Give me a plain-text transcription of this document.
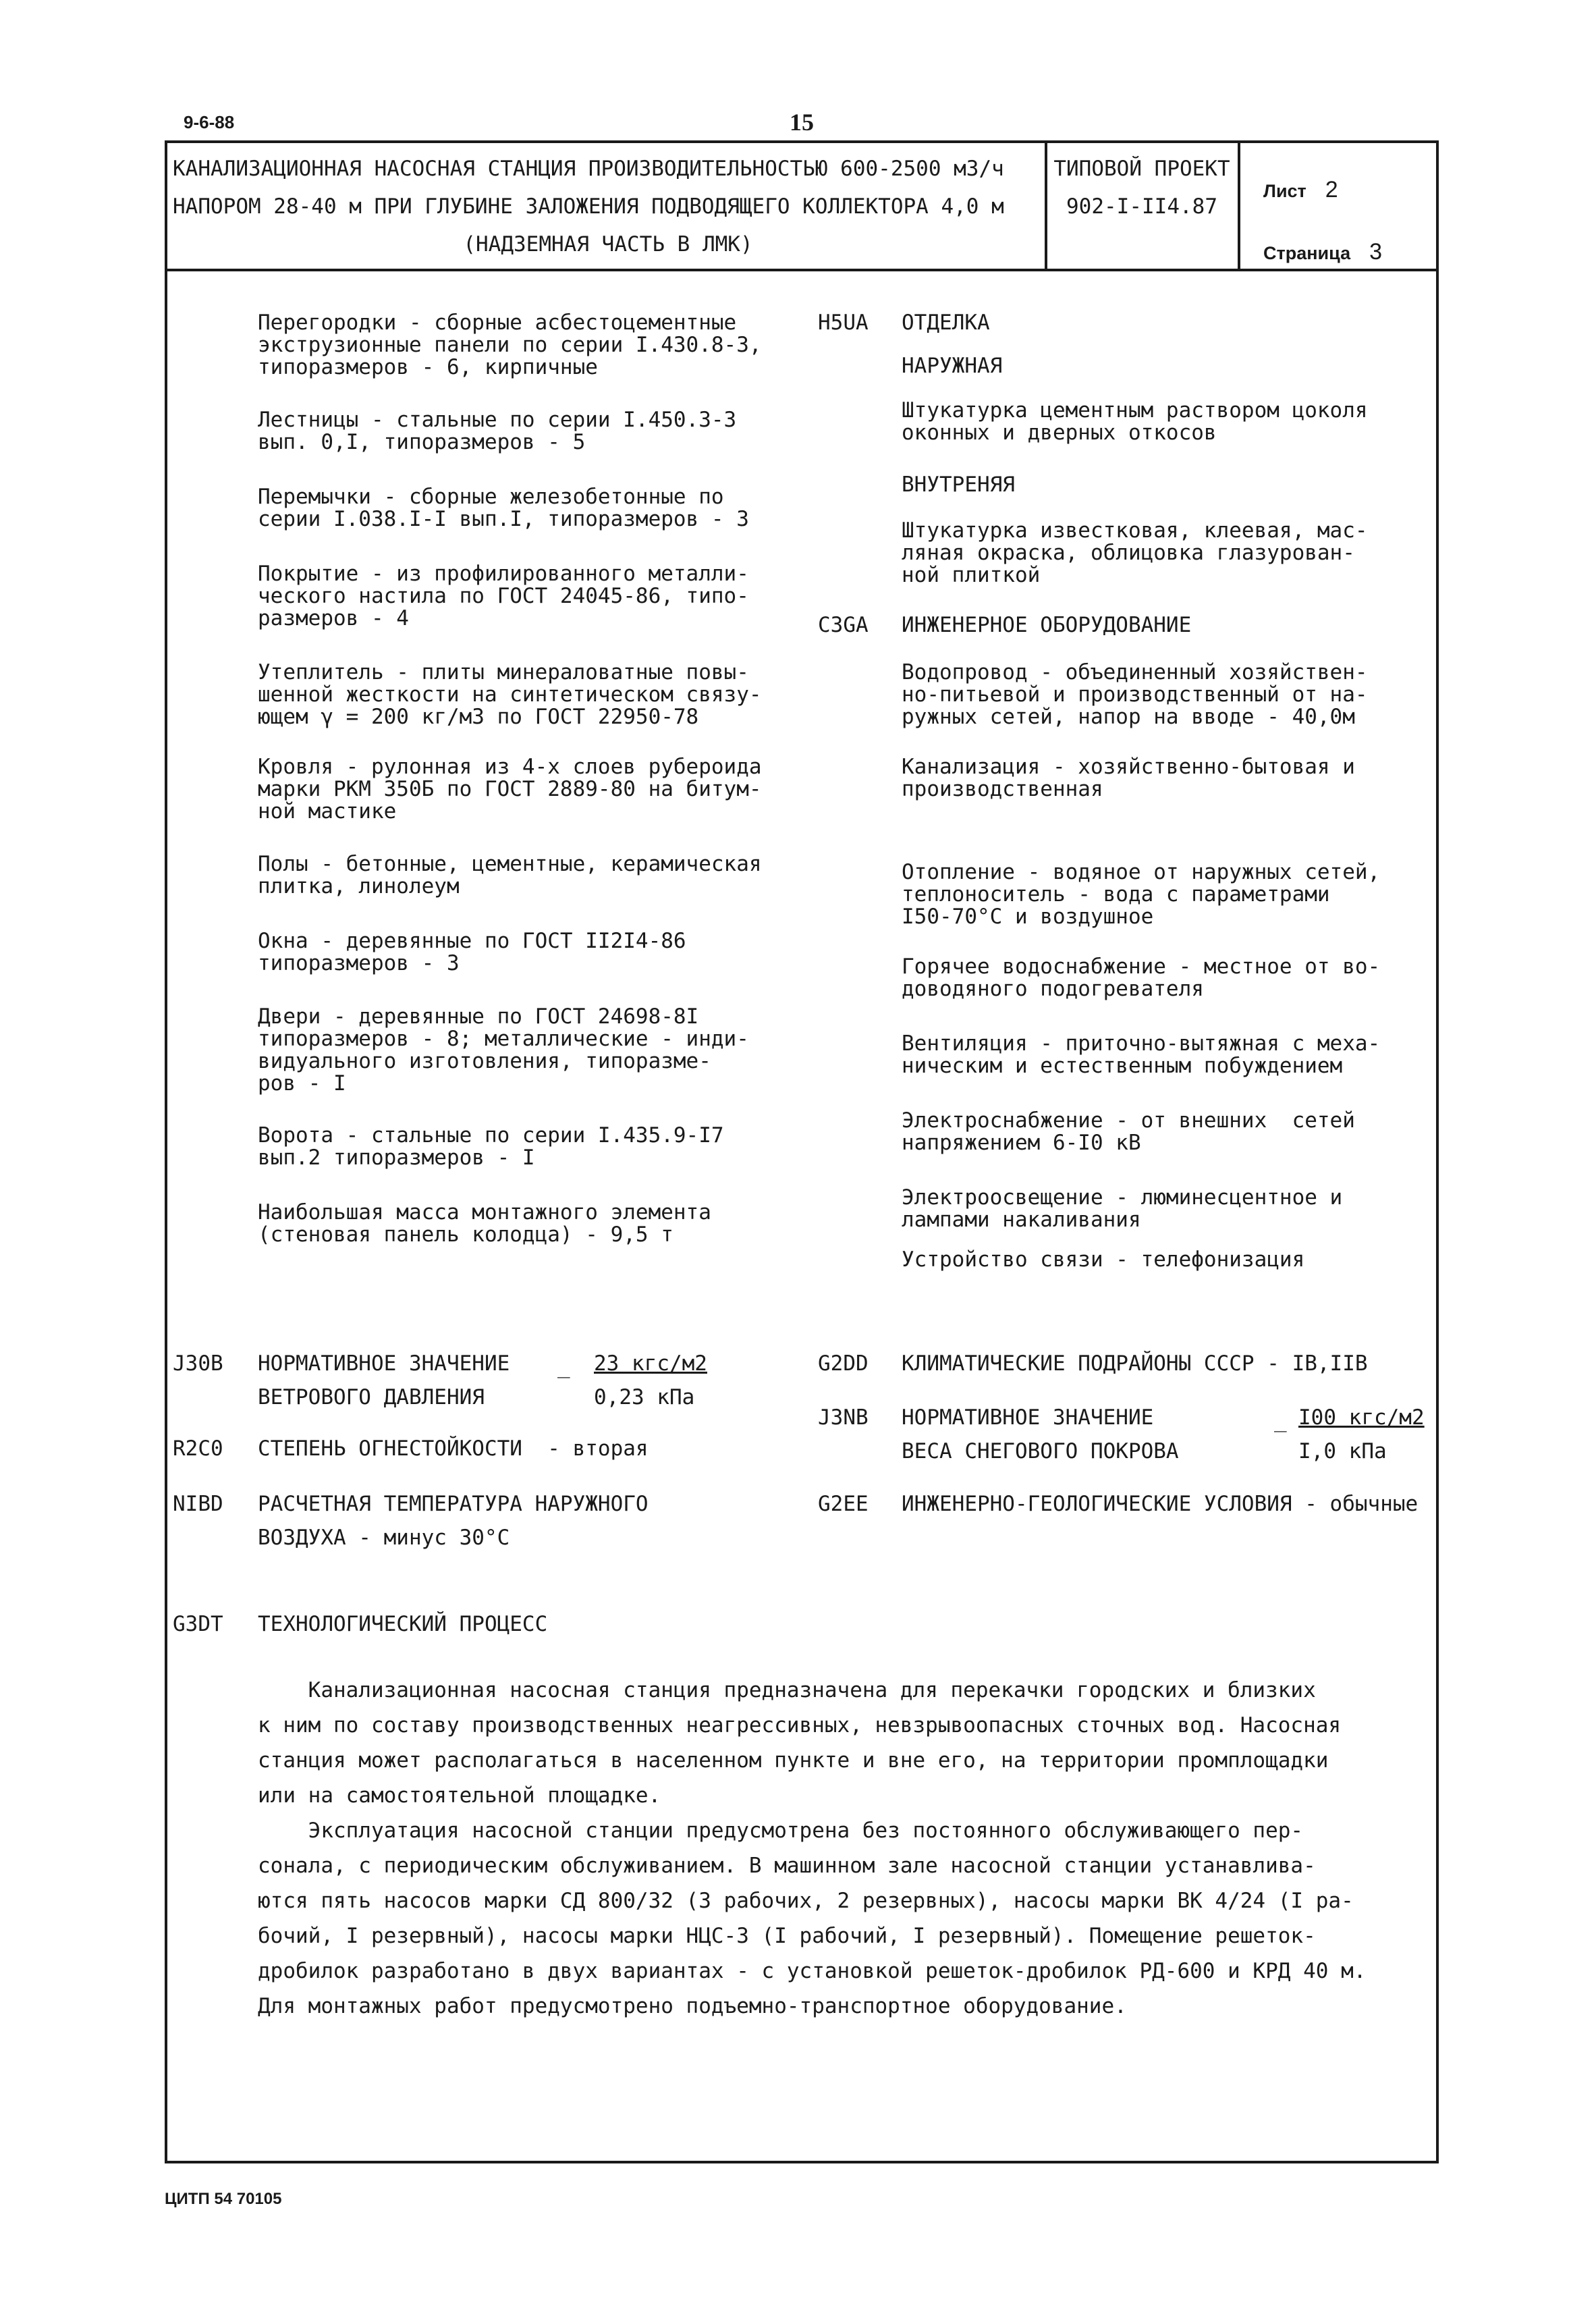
9-6-88	15
КАНАЛИЗАЦИОННАЯ НАСОСНАЯ СТАНЦИЯ ПРОИЗВОДИТЕЛЬНОСТЬЮ 600-2500 м3/ч
НАПОРОМ 28-40 м ПРИ ГЛУБИНЕ ЗАЛОЖЕНИЯ ПОДВОДЯЩЕГО КОЛЛЕКТОРА 4,0 м
(НАДЗЕМНАЯ ЧАСТЬ В ЛМК)
ТИПОВОЙ ПРОЕКТ
902-I-II4.87
Лист 2
Страница 3
Перегородки - сборные асбестоцементные
экструзионные панели по серии I.430.8-3,
типоразмеров - 6, кирпичные
Лестницы - стальные по серии I.450.3-3
вып. 0,I, типоразмеров - 5
Перемычки - сборные железобетонные по
серии I.038.I-I вып.I, типоразмеров - 3
Покрытие - из профилированного металли-
ческого настила по ГОСТ 24045-86, типо-
размеров - 4
Утеплитель - плиты минераловатные повы-
шенной жесткости на синтетическом связу-
ющем γ = 200 кг/м3 по ГОСТ 22950-78
Кровля - рулонная из 4-х слоев рубероида
марки РКМ 350Б по ГОСТ 2889-80 на битум-
ной мастике
Полы - бетонные, цементные, керамическая
плитка, линолеум
Окна - деревянные по ГОСТ II2I4-86
типоразмеров - 3
Двери - деревянные по ГОСТ 24698-8I
типоразмеров - 8; металлические - инди-
видуального изготовления, типоразме-
ров - I
Ворота - стальные по серии I.435.9-I7
вып.2 типоразмеров - I
Наибольшая масса монтажного элемента
(стеновая панель колодца) - 9,5 т
H5UA ОТДЕЛКА
НАРУЖНАЯ
Штукатурка цементным раствором цоколя
оконных и дверных откосов
ВНУТРЕНЯЯ
Штукатурка известковая, клеевая, мас-
ляная окраска, облицовка глазурован-
ной плиткой
C3GA ИНЖЕНЕРНОЕ ОБОРУДОВАНИЕ
Водопровод - объединенный хозяйствен-
но-питьевой и производственный от на-
ружных сетей, напор на вводе - 40,0м
Канализация - хозяйственно-бытовая и
производственная
Отопление - водяное от наружных сетей,
теплоноситель - вода с параметрами
I50-70°С и воздушное
Горячее водоснабжение - местное от во-
доводяного подогревателя
Вентиляция - приточно-вытяжная с меха-
ническим и естественным побуждением
Электроснабжение - от внешних  сетей
напряжением 6-I0 кВ
Электроосвещение - люминесцентное и
лампами накаливания
Устройство связи - телефонизация
J30B НОРМАТИВНОЕ ЗНАЧЕНИЕ
ВЕТРОВОГО ДАВЛЕНИЯ
_ 23 кгс/м2
0,23 кПа
R2C0 СТЕПЕНЬ ОГНЕСТОЙКОСТИ  - вторая
NIBD РАСЧЕТНАЯ ТЕМПЕРАТУРА НАРУЖНОГО
ВОЗДУХА - минус 30°С
G2DD КЛИМАТИЧЕСКИЕ ПОДРАЙОНЫ СССР - IВ,IIВ
J3NB НОРМАТИВНОЕ ЗНАЧЕНИЕ
ВЕСА СНЕГОВОГО ПОКРОВА
_ I00 кгс/м2
I,0 кПа
G2EE ИНЖЕНЕРНО-ГЕОЛОГИЧЕСКИЕ УСЛОВИЯ - обычные
G3DT ТЕХНОЛОГИЧЕСКИЙ ПРОЦЕСС
Канализационная насосная станция предназначена для перекачки городских и близких
к ним по составу производственных неагрессивных, невзрывоопасных сточных вод. Насосная
станция может располагаться в населенном пункте и вне его, на территории промплощадки
или на самостоятельной площадке.
Эксплуатация насосной станции предусмотрена без постоянного обслуживающего пер-
сонала, с периодическим обслуживанием. В машинном зале насосной станции устанавлива-
ются пять насосов марки СД 800/32 (3 рабочих, 2 резервных), насосы марки ВК 4/24 (I ра-
бочий, I резервный), насосы марки НЦС-3 (I рабочий, I резервный). Помещение решеток-
дробилок разработано в двух вариантах - с установкой решеток-дробилок РД-600 и КРД 40 м.
Для монтажных работ предусмотрено подъемно-транспортное оборудование.
ЦИТП 54 70105
